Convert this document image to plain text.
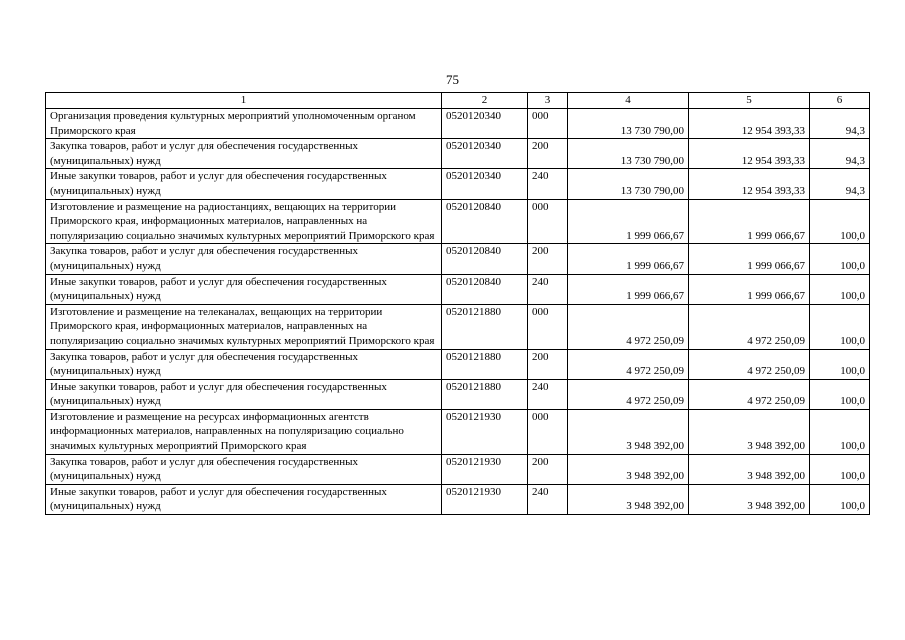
75
1	2	3	4	5	6
Организация проведения культурных мероприятий уполномоченным органом Приморского края	0520120340	000	13 730 790,00	12 954 393,33	94,3
Закупка товаров, работ и услуг для обеспечения государственных (муниципальных) нужд	0520120340	200	13 730 790,00	12 954 393,33	94,3
Иные закупки товаров, работ и услуг для обеспечения государственных (муниципальных) нужд	0520120340	240	13 730 790,00	12 954 393,33	94,3
Изготовление и размещение на радиостанциях, вещающих на территории Приморского края, информационных материалов, направленных на популяризацию социально значимых культурных мероприятий Приморского края	0520120840	000	1 999 066,67	1 999 066,67	100,0
Закупка товаров, работ и услуг для обеспечения государственных (муниципальных) нужд	0520120840	200	1 999 066,67	1 999 066,67	100,0
Иные закупки товаров, работ и услуг для обеспечения государственных (муниципальных) нужд	0520120840	240	1 999 066,67	1 999 066,67	100,0
Изготовление и размещение на телеканалах, вещающих на территории Приморского края, информационных материалов, направленных на популяризацию социально значимых культурных мероприятий Приморского края	0520121880	000	4 972 250,09	4 972 250,09	100,0
Закупка товаров, работ и услуг для обеспечения государственных (муниципальных) нужд	0520121880	200	4 972 250,09	4 972 250,09	100,0
Иные закупки товаров, работ и услуг для обеспечения государственных (муниципальных) нужд	0520121880	240	4 972 250,09	4 972 250,09	100,0
Изготовление и размещение на ресурсах информационных агентств информационных материалов, направленных на популяризацию социально значимых культурных мероприятий Приморского края	0520121930	000	3 948 392,00	3 948 392,00	100,0
Закупка товаров, работ и услуг для обеспечения государственных (муниципальных) нужд	0520121930	200	3 948 392,00	3 948 392,00	100,0
Иные закупки товаров, работ и услуг для обеспечения государственных (муниципальных) нужд	0520121930	240	3 948 392,00	3 948 392,00	100,0
